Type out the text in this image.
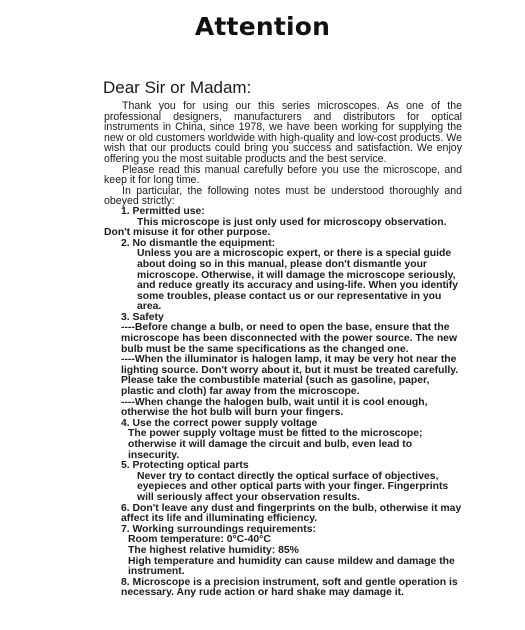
Attention
Dear Sir or Madam:

Thank you for using our this series microscopes. As one of the professional designers, manufacturers and distributors for optical instruments in China, since 1978, we have been working for supplying the new or old customers worldwide with high-quality and low-cost products. We wish that our products could bring you success and satisfaction. We enjoy offering you the most suitable products and the best service.

Please read this manual carefully before you use the microscope, and keep it for long time.

In particular, the following notes must be understood thoroughly and obeyed strictly:

1. Permitted use:
This microscope is just only used for microscopy observation.
Don't misuse it for other purpose.
2. No dismantle the equipment:
Unless you are a microscopic expert, or there is a special guide about doing so in this manual, please don't dismantle your microscope. Otherwise, it will damage the microscope seriously, and reduce greatly its accuracy and using-life. When you identify some troubles, please contact us or our representative in you area.
3. Safety
----Before change a bulb, or need to open the base, ensure that the microscope has been disconnected with the power source. The new bulb must be the same specifications as the changed one.
----When the illuminator is halogen lamp, it may be very hot near the lighting source. Don't worry about it, but it must be treated carefully. Please take the combustible material (such as gasoline, paper, plastic and cloth) far away from the microscope.
----When change the halogen bulb, wait until it is cool enough, otherwise the hot bulb will burn your fingers.
4. Use the correct power supply voltage
The power supply voltage must be fitted to the microscope; otherwise it will damage the circuit and bulb, even lead to insecurity.
5. Protecting optical parts
Never try to contact directly the optical surface of objectives, eyepieces and other optical parts with your finger. Fingerprints will seriously affect your observation results.
6. Don't leave any dust and fingerprints on the bulb, otherwise it may affect its life and illuminating efficiency.
7. Working surroundings requirements:
Room temperature: 0°C-40°C
The highest relative humidity: 85%
High temperature and humidity can cause mildew and damage the instrument.
8. Microscope is a precision instrument, soft and gentle operation is necessary. Any rude action or hard shake may damage it.
